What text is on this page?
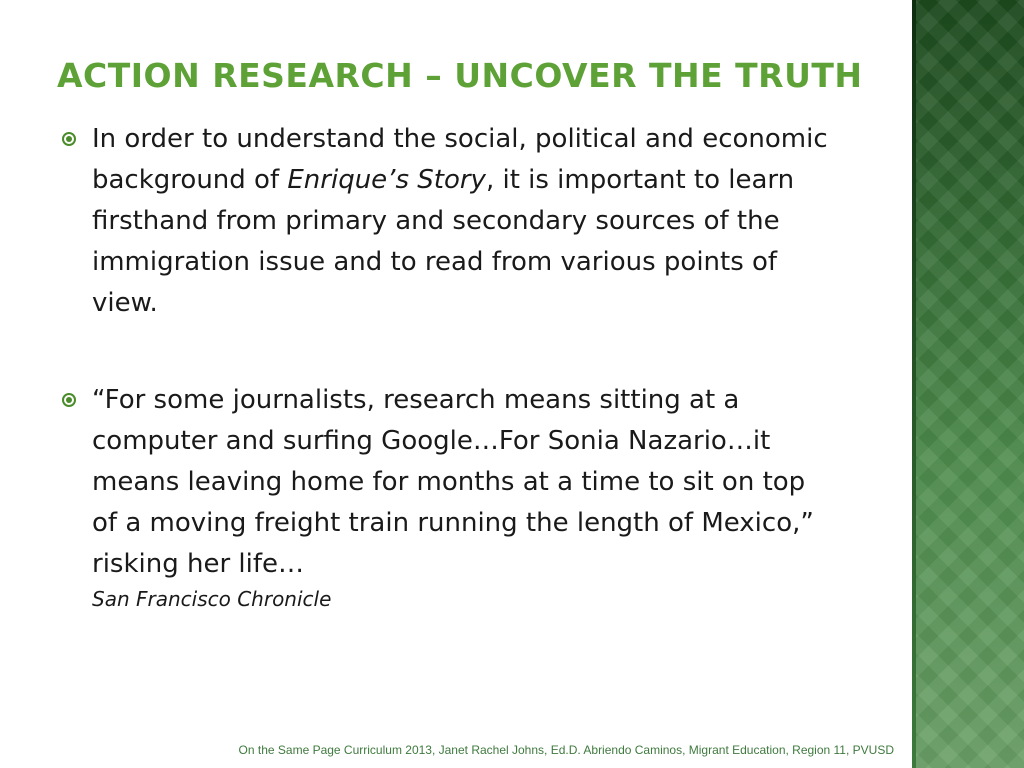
ACTION RESEARCH – UNCOVER THE TRUTH
In order to understand the social, political and economic background of Enrique’s Story, it is important to learn firsthand from primary and secondary sources of the immigration issue and to read from various points of view.
“For some journalists, research means sitting at a computer and surfing Google…For Sonia Nazario…it means leaving home for months at a time to sit on top of a moving freight train running the length of Mexico,” risking her life…
San Francisco Chronicle
On the Same Page Curriculum 2013, Janet Rachel Johns, Ed.D. Abriendo Caminos, Migrant Education, Region 11, PVUSD
